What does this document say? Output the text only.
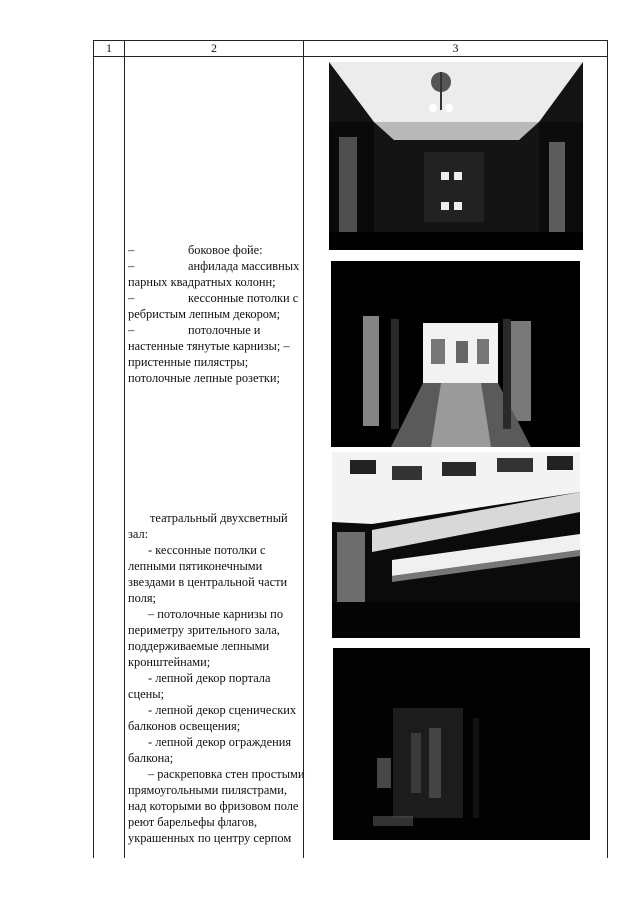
1	2	3

–	боковое фойе:

–	анфилада массивных парных квадратных колонн;

–	кессонные потолки с ребристым лепным декором;

–	потолочные и настенные тянутые карнизы; –

пристенные пилястры;

потолочные лепные розетки;

театральный двухсветный зал:

- кессонные потолки с лепными пятиконечными звездами в центральной части поля;

– потолочные карнизы по периметру зрительного зала, поддерживаемые лепными кронштейнами;

- лепной декор портала сцены;

- лепной декор сценических балконов освещения;

- лепной декор ограждения балкона;

– раскреповка стен простыми прямоугольными пилястрами, над которыми во фризовом поле реют барельефы флагов, украшенных по центру серпом
